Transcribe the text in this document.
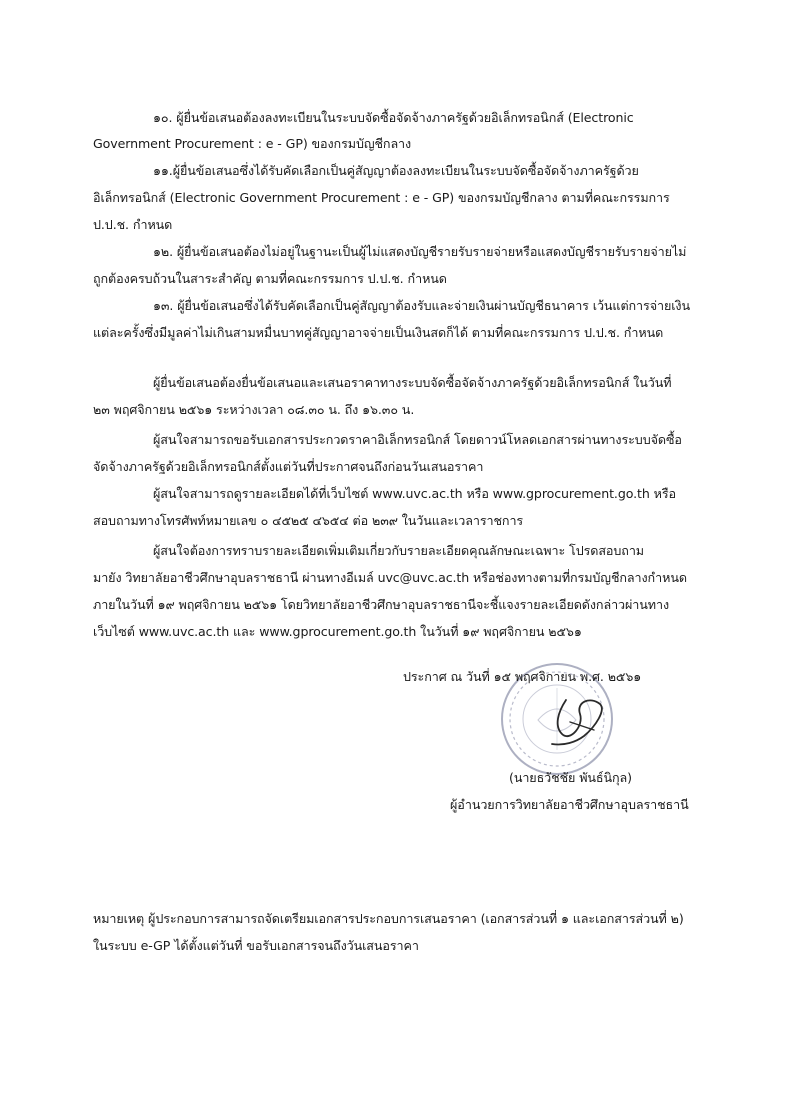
๑๐. ผู้ยื่นข้อเสนอต้องลงทะเบียนในระบบจัดซื้อจัดจ้างภาครัฐด้วยอิเล็กทรอนิกส์ (Electronic
Government Procurement : e - GP) ของกรมบัญชีกลาง
๑๑.ผู้ยื่นข้อเสนอซึ่งได้รับคัดเลือกเป็นคู่สัญญาต้องลงทะเบียนในระบบจัดซื้อจัดจ้างภาครัฐด้วย
อิเล็กทรอนิกส์ (Electronic Government Procurement : e - GP) ของกรมบัญชีกลาง ตามที่คณะกรรมการ
ป.ป.ช. กำหนด
๑๒. ผู้ยื่นข้อเสนอต้องไม่อยู่ในฐานะเป็นผู้ไม่แสดงบัญชีรายรับรายจ่ายหรือแสดงบัญชีรายรับรายจ่ายไม่
ถูกต้องครบถ้วนในสาระสำคัญ ตามที่คณะกรรมการ ป.ป.ช. กำหนด
๑๓. ผู้ยื่นข้อเสนอซึ่งได้รับคัดเลือกเป็นคู่สัญญาต้องรับและจ่ายเงินผ่านบัญชีธนาคาร เว้นแต่การจ่ายเงิน
แต่ละครั้งซึ่งมีมูลค่าไม่เกินสามหมื่นบาทคู่สัญญาอาจจ่ายเป็นเงินสดก็ได้ ตามที่คณะกรรมการ ป.ป.ช. กำหนด
ผู้ยื่นข้อเสนอต้องยื่นข้อเสนอและเสนอราคาทางระบบจัดซื้อจัดจ้างภาครัฐด้วยอิเล็กทรอนิกส์ ในวันที่
๒๓ พฤศจิกายน ๒๕๖๑ ระหว่างเวลา ๐๘.๓๐ น. ถึง ๑๖.๓๐ น.
ผู้สนใจสามารถขอรับเอกสารประกวดราคาอิเล็กทรอนิกส์ โดยดาวน์โหลดเอกสารผ่านทางระบบจัดซื้อ
จัดจ้างภาครัฐด้วยอิเล็กทรอนิกส์ตั้งแต่วันที่ประกาศจนถึงก่อนวันเสนอราคา
ผู้สนใจสามารถดูรายละเอียดได้ที่เว็บไซต์ www.uvc.ac.th หรือ www.gprocurement.go.th หรือ
สอบถามทางโทรศัพท์หมายเลข ๐ ๔๕๒๕ ๔๖๕๔ ต่อ ๒๓๙ ในวันและเวลาราชการ
ผู้สนใจต้องการทราบรายละเอียดเพิ่มเติมเกี่ยวกับรายละเอียดคุณลักษณะเฉพาะ โปรดสอบถาม
มายัง วิทยาลัยอาชีวศึกษาอุบลราชธานี ผ่านทางอีเมล์ uvc@uvc.ac.th หรือช่องทางตามที่กรมบัญชีกลางกำหนด
ภายในวันที่ ๑๙ พฤศจิกายน ๒๕๖๑ โดยวิทยาลัยอาชีวศึกษาอุบลราชธานีจะชี้แจงรายละเอียดดังกล่าวผ่านทาง
เว็บไซต์ www.uvc.ac.th และ www.gprocurement.go.th ในวันที่ ๑๙ พฤศจิกายน ๒๕๖๑
ประกาศ ณ วันที่ ๑๕ พฤศจิกายน พ.ศ. ๒๕๖๑
(นายธวัชชัย พันธ์นิกุล)
ผู้อำนวยการวิทยาลัยอาชีวศึกษาอุบลราชธานี
หมายเหตุ ผู้ประกอบการสามารถจัดเตรียมเอกสารประกอบการเสนอราคา (เอกสารส่วนที่ ๑ และเอกสารส่วนที่ ๒)
ในระบบ e-GP ได้ตั้งแต่วันที่ ขอรับเอกสารจนถึงวันเสนอราคา
